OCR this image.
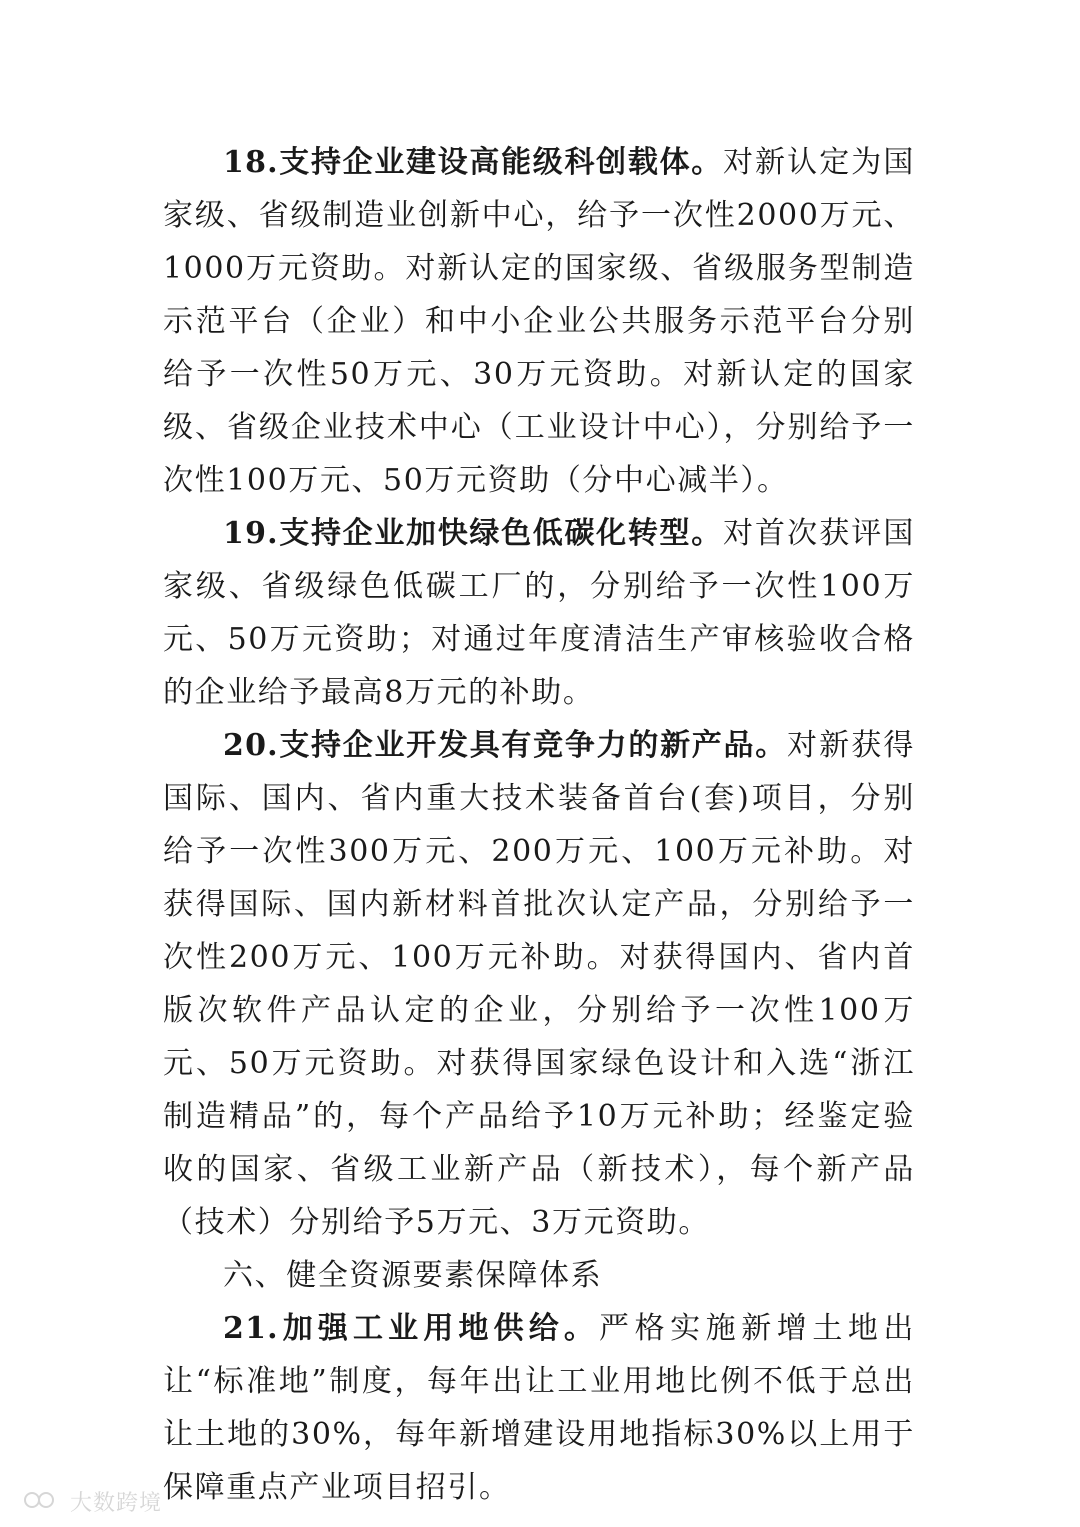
18.支持企业建设高能级科创载体。对新认定为国家级、省级制造业创新中心，给予一次性2000万元、1000万元资助。对新认定的国家级、省级服务型制造示范平台（企业）和中小企业公共服务示范平台分别给予一次性50万元、30万元资助。对新认定的国家级、省级企业技术中心（工业设计中心），分别给予一次性100万元、50万元资助（分中心减半）。

19.支持企业加快绿色低碳化转型。对首次获评国家级、省级绿色低碳工厂的，分别给予一次性100万元、50万元资助；对通过年度清洁生产审核验收合格的企业给予最高8万元的补助。

20.支持企业开发具有竞争力的新产品。对新获得国际、国内、省内重大技术装备首台(套)项目，分别给予一次性300万元、200万元、100万元补助。对获得国际、国内新材料首批次认定产品，分别给予一次性200万元、100万元补助。对获得国内、省内首版次软件产品认定的企业，分别给予一次性100万元、50万元资助。对获得国家绿色设计和入选“浙江制造精品”的，每个产品给予10万元补助；经鉴定验收的国家、省级工业新产品（新技术），每个新产品（技术）分别给予5万元、3万元资助。

六、健全资源要素保障体系

21.加强工业用地供给。严格实施新增土地出让“标准地”制度，每年出让工业用地比例不低于总出让土地的30%，每年新增建设用地指标30%以上用于保障重点产业项目招引。

大数跨境
